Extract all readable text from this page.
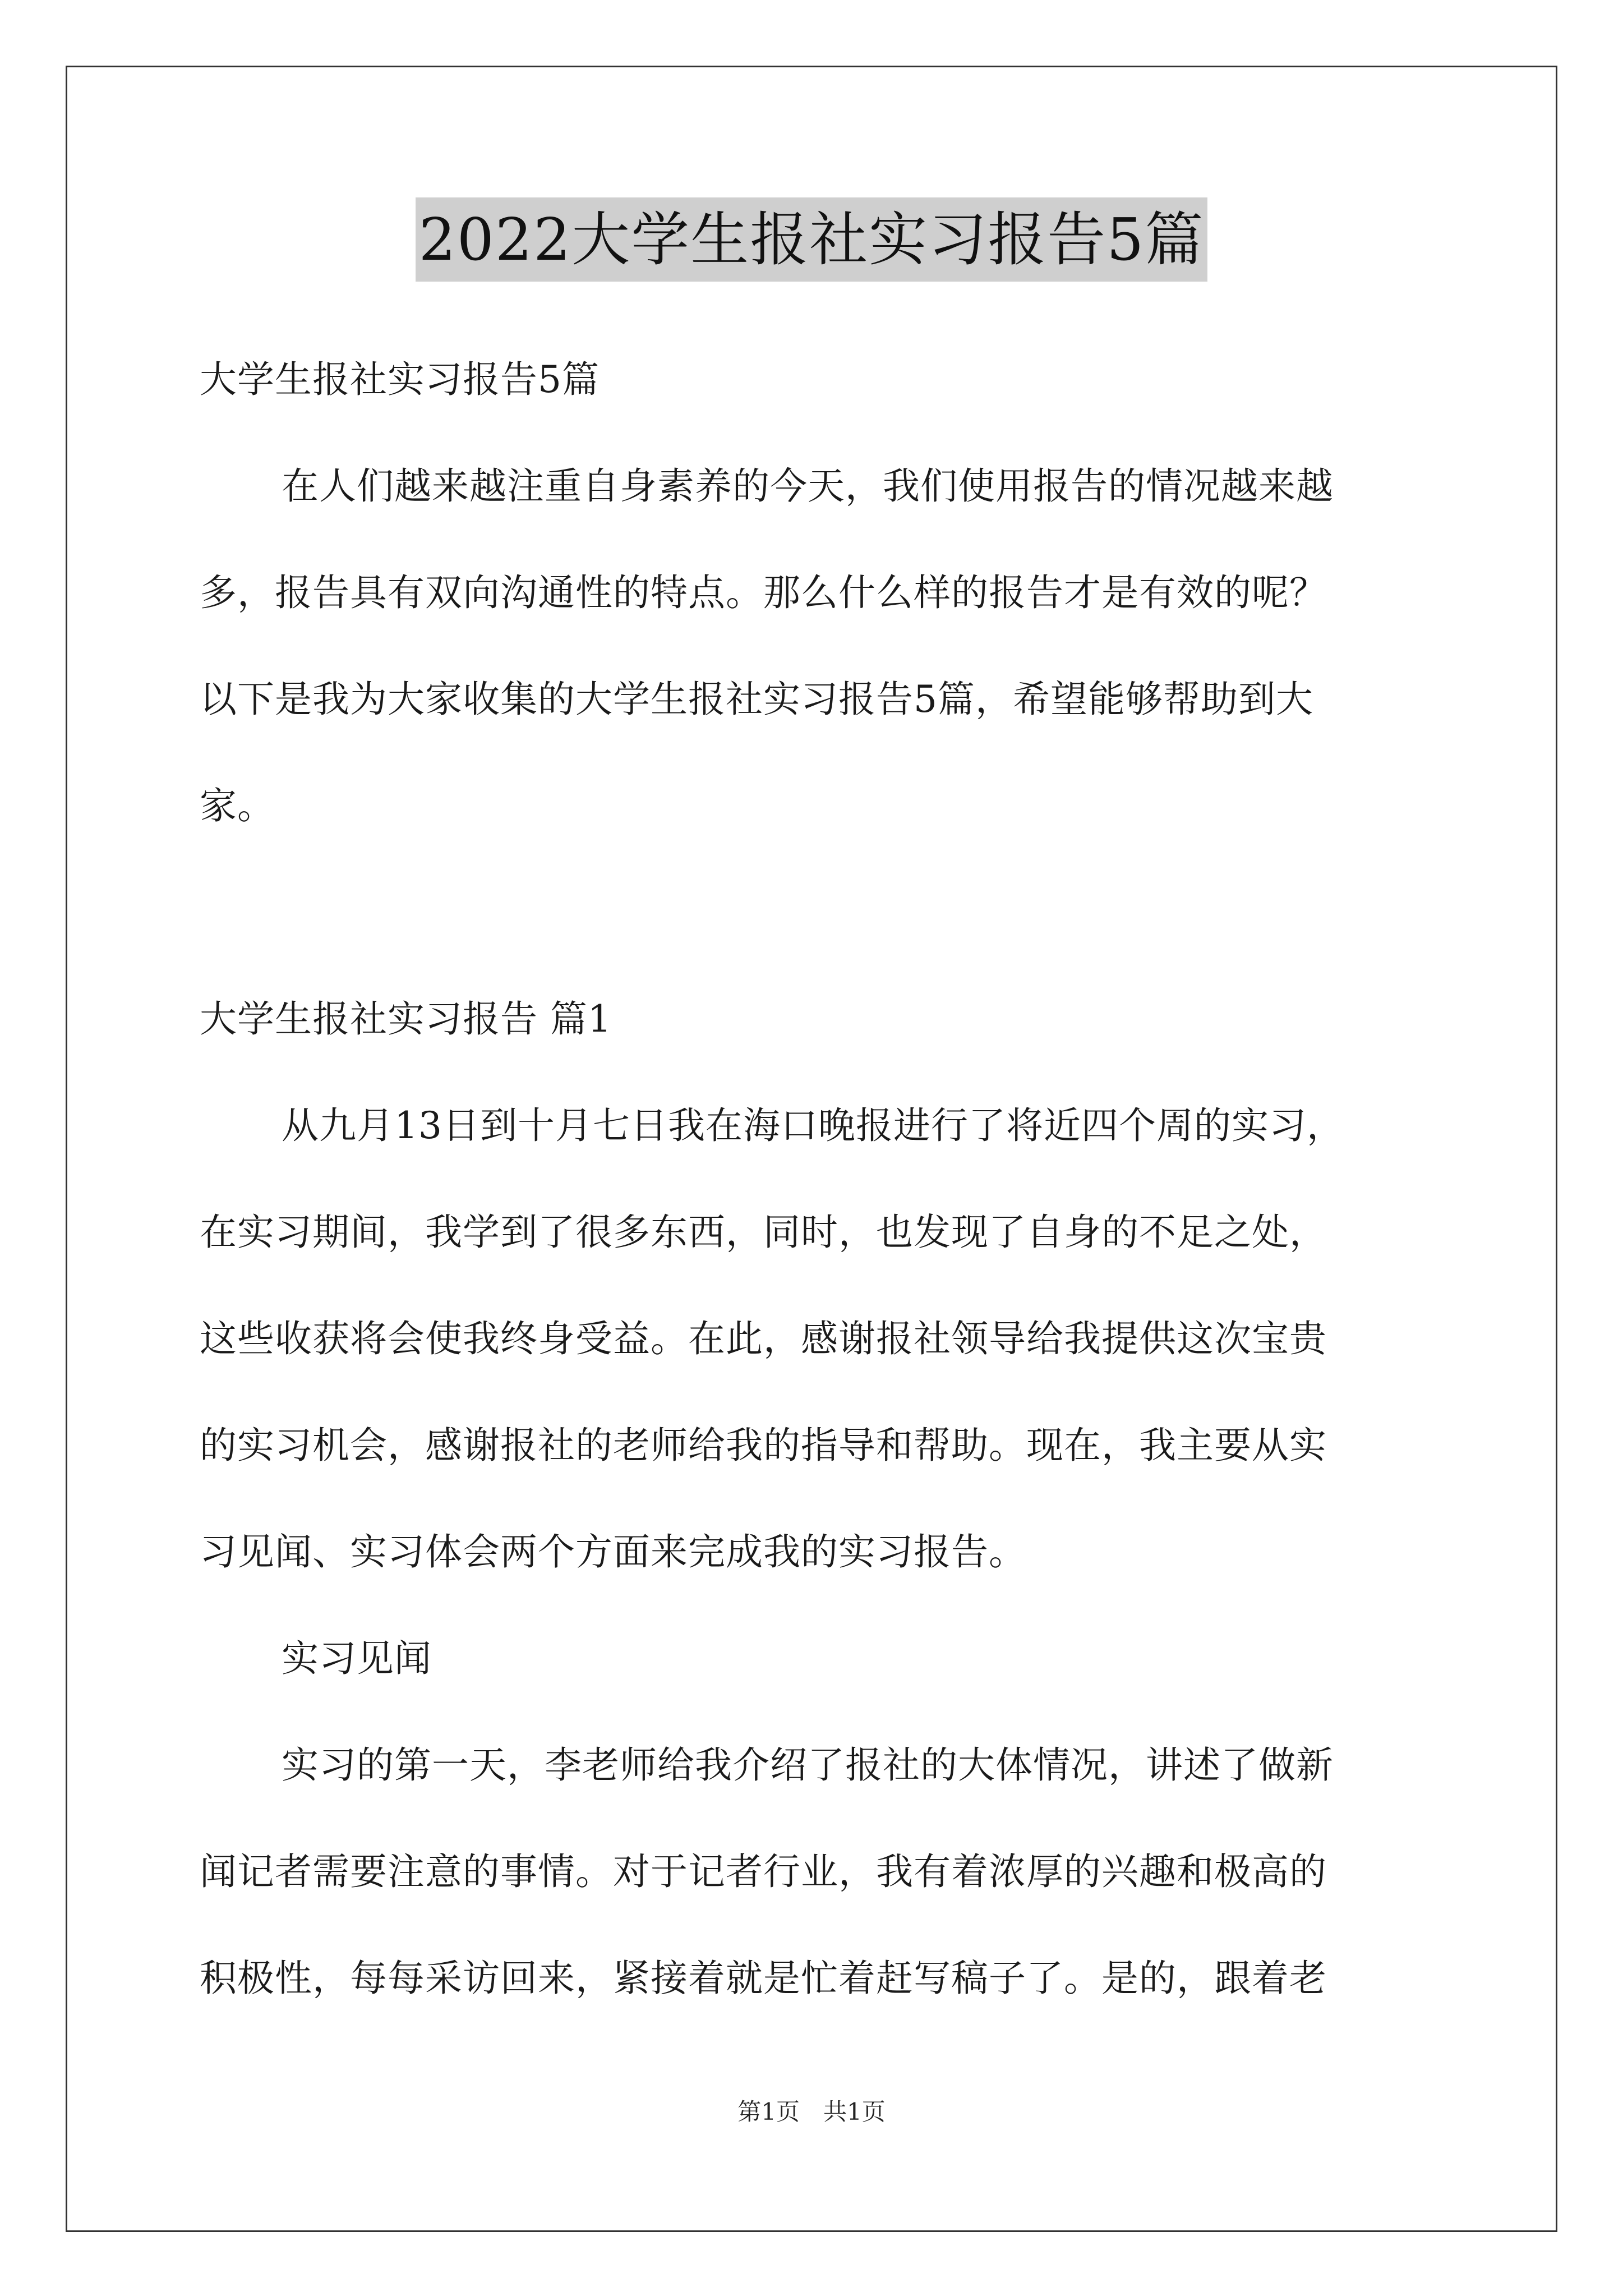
2022大学生报社实习报告5篇
大学生报社实习报告5篇
在人们越来越注重自身素养的今天，我们使用报告的情况越来越
多，报告具有双向沟通性的特点。那么什么样的报告才是有效的呢？
以下是我为大家收集的大学生报社实习报告5篇，希望能够帮助到大
家。
大学生报社实习报告 篇1
从九月13日到十月七日我在海口晚报进行了将近四个周的实习，
在实习期间，我学到了很多东西，同时，也发现了自身的不足之处，
这些收获将会使我终身受益。在此，感谢报社领导给我提供这次宝贵
的实习机会，感谢报社的老师给我的指导和帮助。现在，我主要从实
习见闻、实习体会两个方面来完成我的实习报告。
实习见闻
实习的第一天，李老师给我介绍了报社的大体情况，讲述了做新
闻记者需要注意的事情。对于记者行业，我有着浓厚的兴趣和极高的
积极性，每每采访回来，紧接着就是忙着赶写稿子了。是的，跟着老
第1页　共1页
